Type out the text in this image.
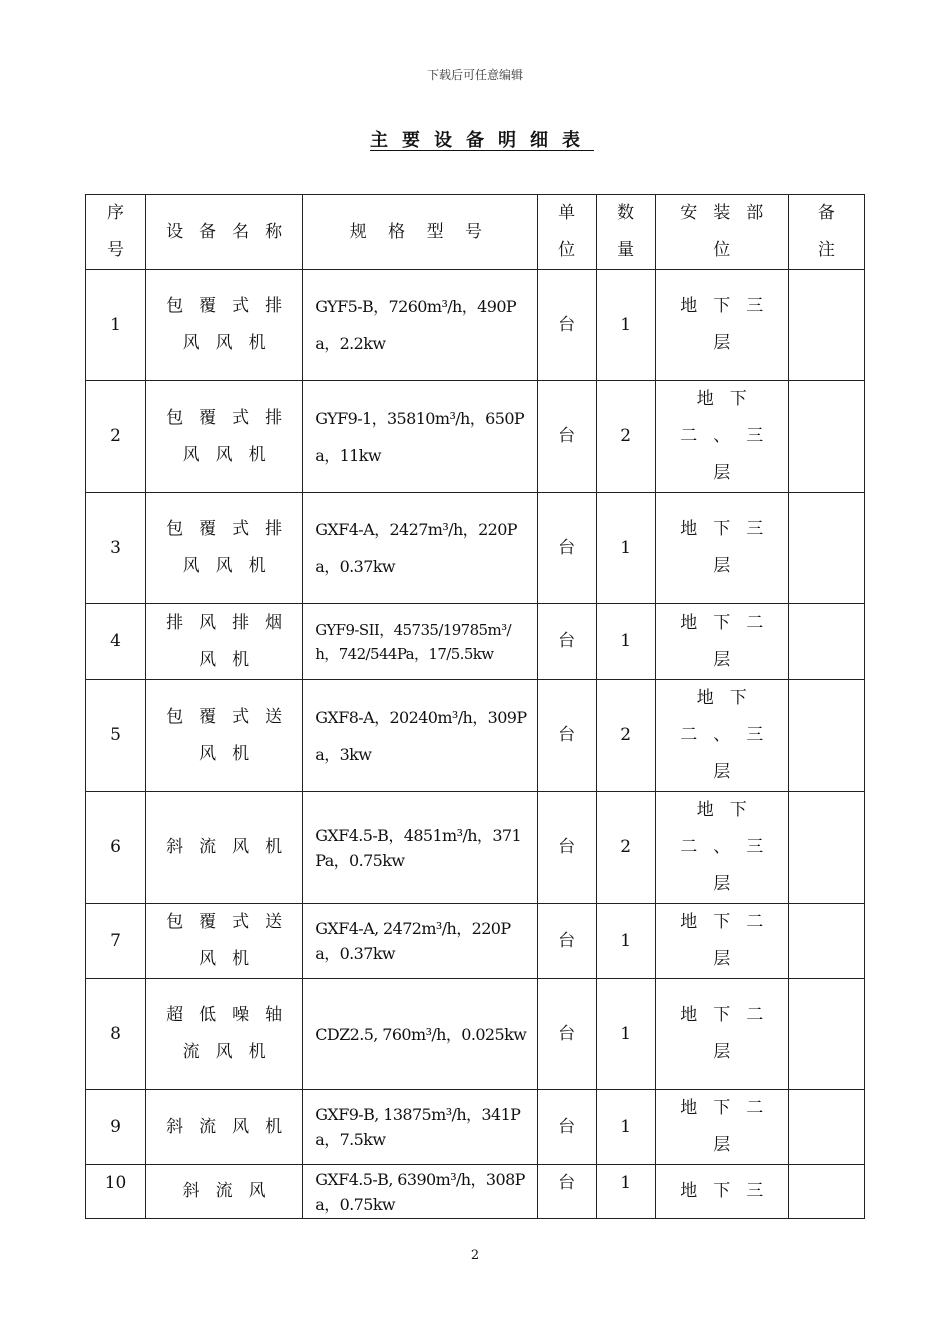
下载后可任意编辑
主要设备明细表
序号	设备名称	规 格 型 号	单位	数量	安装部位	备注
1	包覆式排风风机	GYF5-B，7260m³/h，490Pa，2.2kw	台	1	地下三层	
2	包覆式排风风机	GYF9-1，35810m³/h，650Pa，11kw	台	2	地下二、三层	
3	包覆式排风风机	GXF4-A，2427m³/h，220Pa，0.37kw	台	1	地下三层	
4	排风排烟风机	GYF9-SII，45735/19785m³/h，742/544Pa，17/5.5kw	台	1	地下二层	
5	包覆式送风机	GXF8-A，20240m³/h，309Pa，3kw	台	2	地下二、三层	
6	斜流风机	GXF4.5-B，4851m³/h，371Pa，0.75kw	台	2	地下二、三层	
7	包覆式送风机	GXF4-A, 2472m³/h，220Pa，0.37kw	台	1	地下二层	
8	超低噪轴流风机	CDZ2.5, 760m³/h，0.025kw	台	1	地下二层	
9	斜流风机	GXF9-B, 13875m³/h，341Pa，7.5kw	台	1	地下二层	
10	斜流风	GXF4.5-B, 6390m³/h，308Pa，0.75kw	台	1	地下三	
2
